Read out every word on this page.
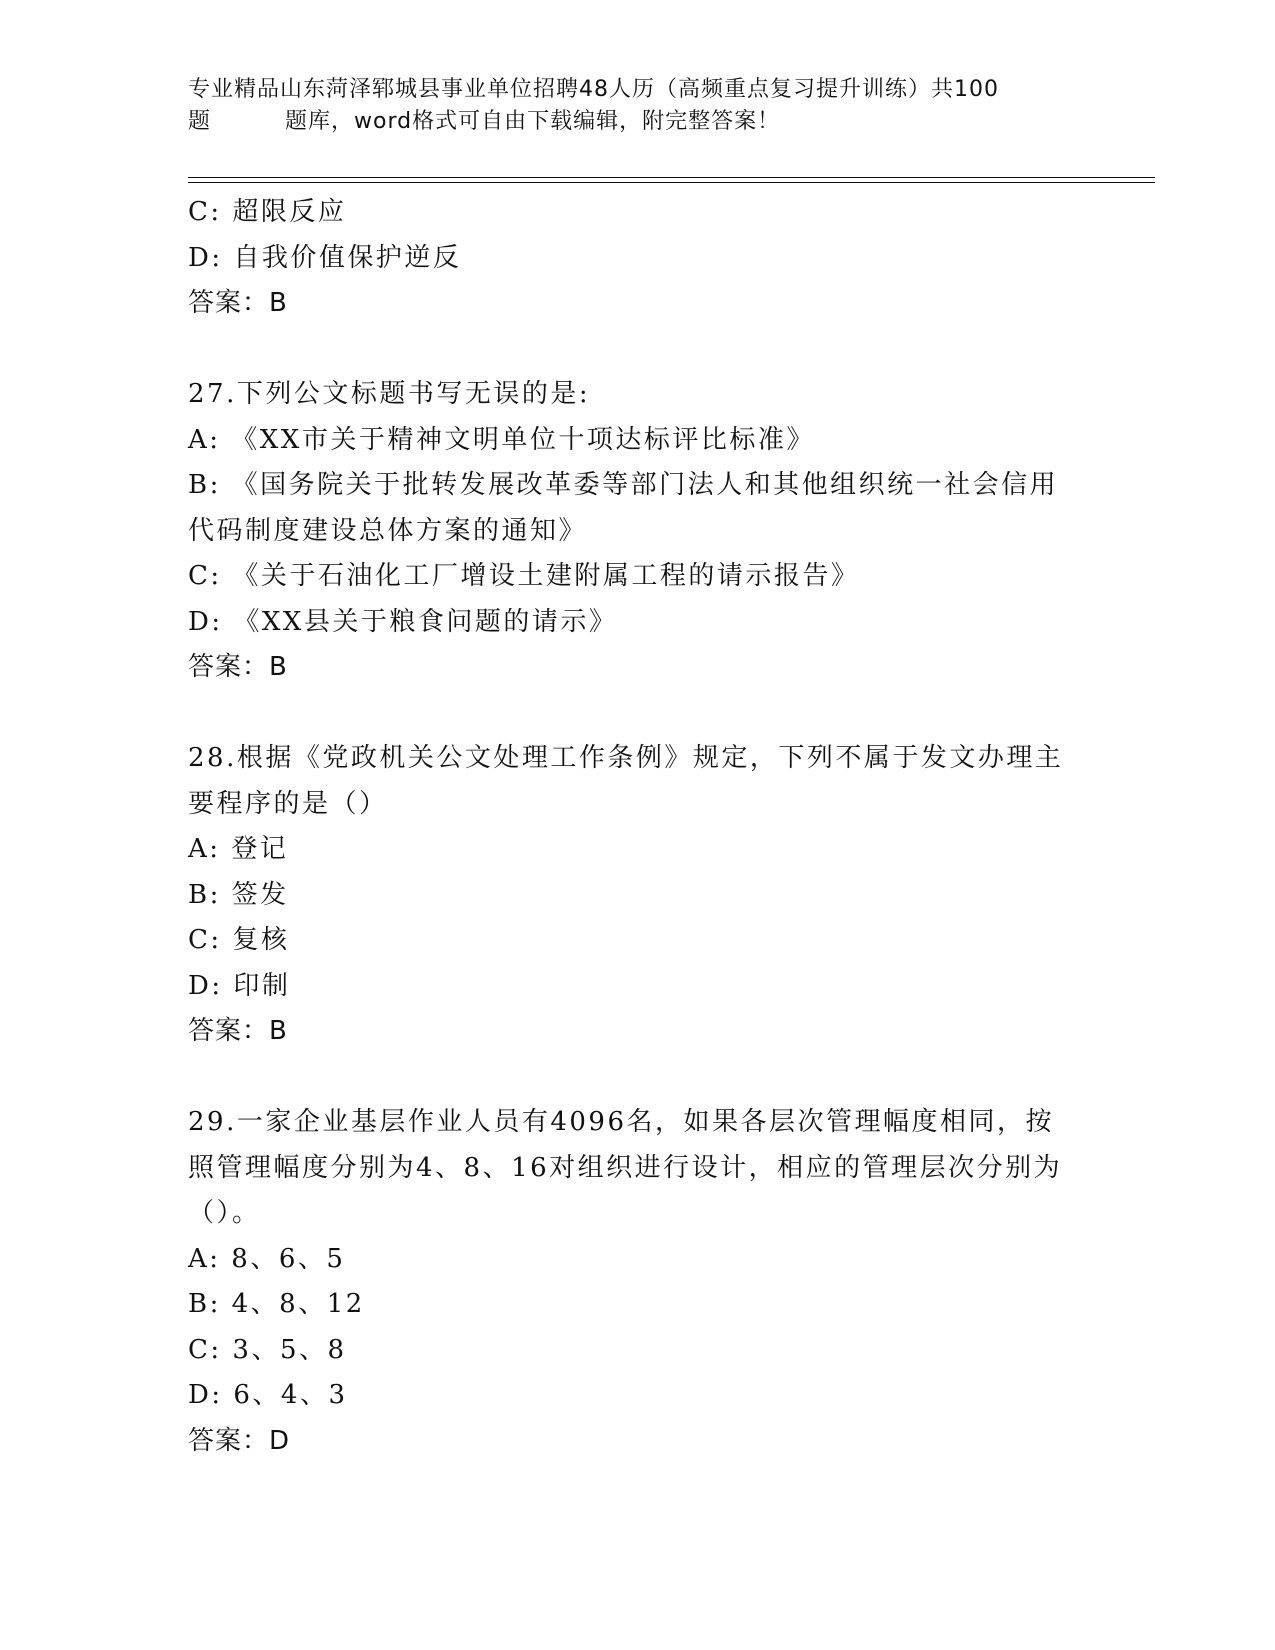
专业精品山东菏泽郓城县事业单位招聘48人历（高频重点复习提升训练）共100
题	题库，word格式可自由下载编辑，附完整答案！
C: 超限反应
D: 自我价值保护逆反
答案：B
27.下列公文标题书写无误的是:
A: 《XX市关于精神文明单位十项达标评比标准》
B: 《国务院关于批转发展改革委等部门法人和其他组织统一社会信用
代码制度建设总体方案的通知》
C: 《关于石油化工厂增设土建附属工程的请示报告》
D: 《XX县关于粮食问题的请示》
答案：B
28.根据《党政机关公文处理工作条例》规定，下列不属于发文办理主
要程序的是（）
A: 登记
B: 签发
C: 复核
D: 印制
答案：B
29.一家企业基层作业人员有4096名，如果各层次管理幅度相同，按
照管理幅度分别为4、8、16对组织进行设计，相应的管理层次分别为
（）。
A: 8、6、5
B: 4、8、12
C: 3、5、8
D: 6、4、3
答案：D
